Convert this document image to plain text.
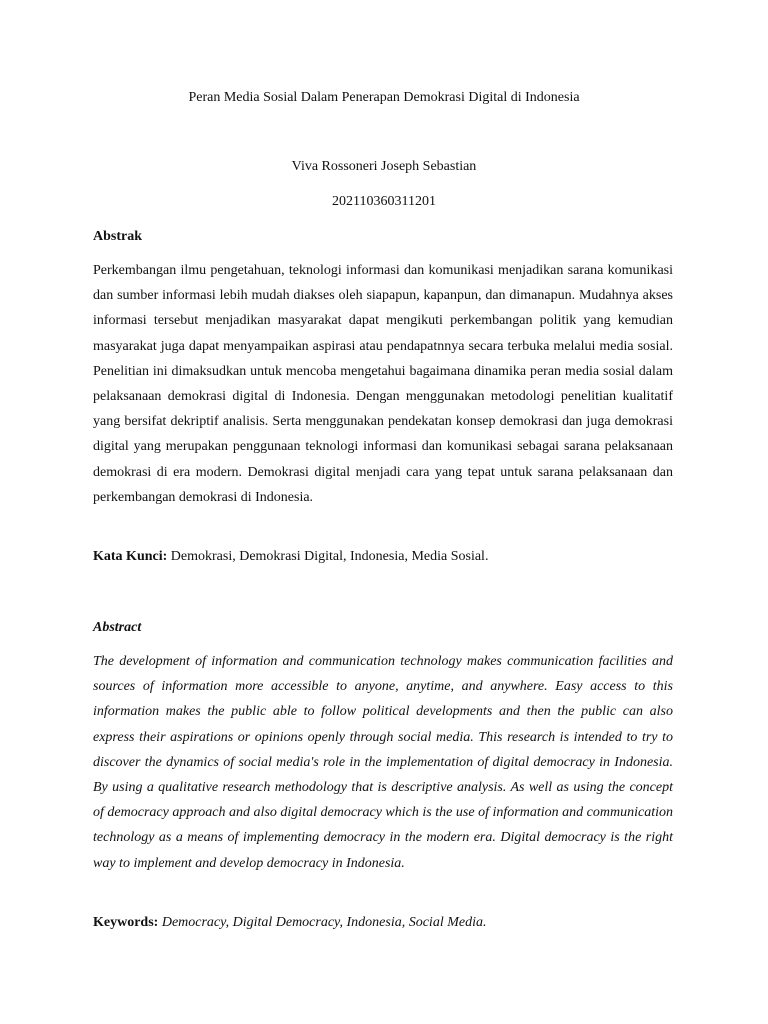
Peran Media Sosial Dalam Penerapan Demokrasi Digital di Indonesia
Viva Rossoneri Joseph Sebastian
202110360311201
Abstrak

Perkembangan ilmu pengetahuan, teknologi informasi dan komunikasi menjadikan sarana komunikasi dan sumber informasi lebih mudah diakses oleh siapapun, kapanpun, dan dimanapun. Mudahnya akses informasi tersebut menjadikan masyarakat dapat mengikuti perkembangan politik yang kemudian masyarakat juga dapat menyampaikan aspirasi atau pendapatnnya secara terbuka melalui media sosial. Penelitian ini dimaksudkan untuk mencoba mengetahui bagaimana dinamika peran media sosial dalam pelaksanaan demokrasi digital di Indonesia. Dengan menggunakan metodologi penelitian kualitatif yang bersifat dekriptif analisis. Serta menggunakan pendekatan konsep demokrasi dan juga demokrasi digital yang merupakan penggunaan teknologi informasi dan komunikasi sebagai sarana pelaksanaan demokrasi di era modern. Demokrasi digital menjadi cara yang tepat untuk sarana pelaksanaan dan perkembangan demokrasi di Indonesia.

Kata Kunci: Demokrasi, Demokrasi Digital, Indonesia, Media Sosial.
Abstract

The development of information and communication technology makes communication facilities and sources of information more accessible to anyone, anytime, and anywhere. Easy access to this information makes the public able to follow political developments and then the public can also express their aspirations or opinions openly through social media. This research is intended to try to discover the dynamics of social media's role in the implementation of digital democracy in Indonesia. By using a qualitative research methodology that is descriptive analysis. As well as using the concept of democracy approach and also digital democracy which is the use of information and communication technology as a means of implementing democracy in the modern era. Digital democracy is the right way to implement and develop democracy in Indonesia.

Keywords: Democracy, Digital Democracy, Indonesia, Social Media.
